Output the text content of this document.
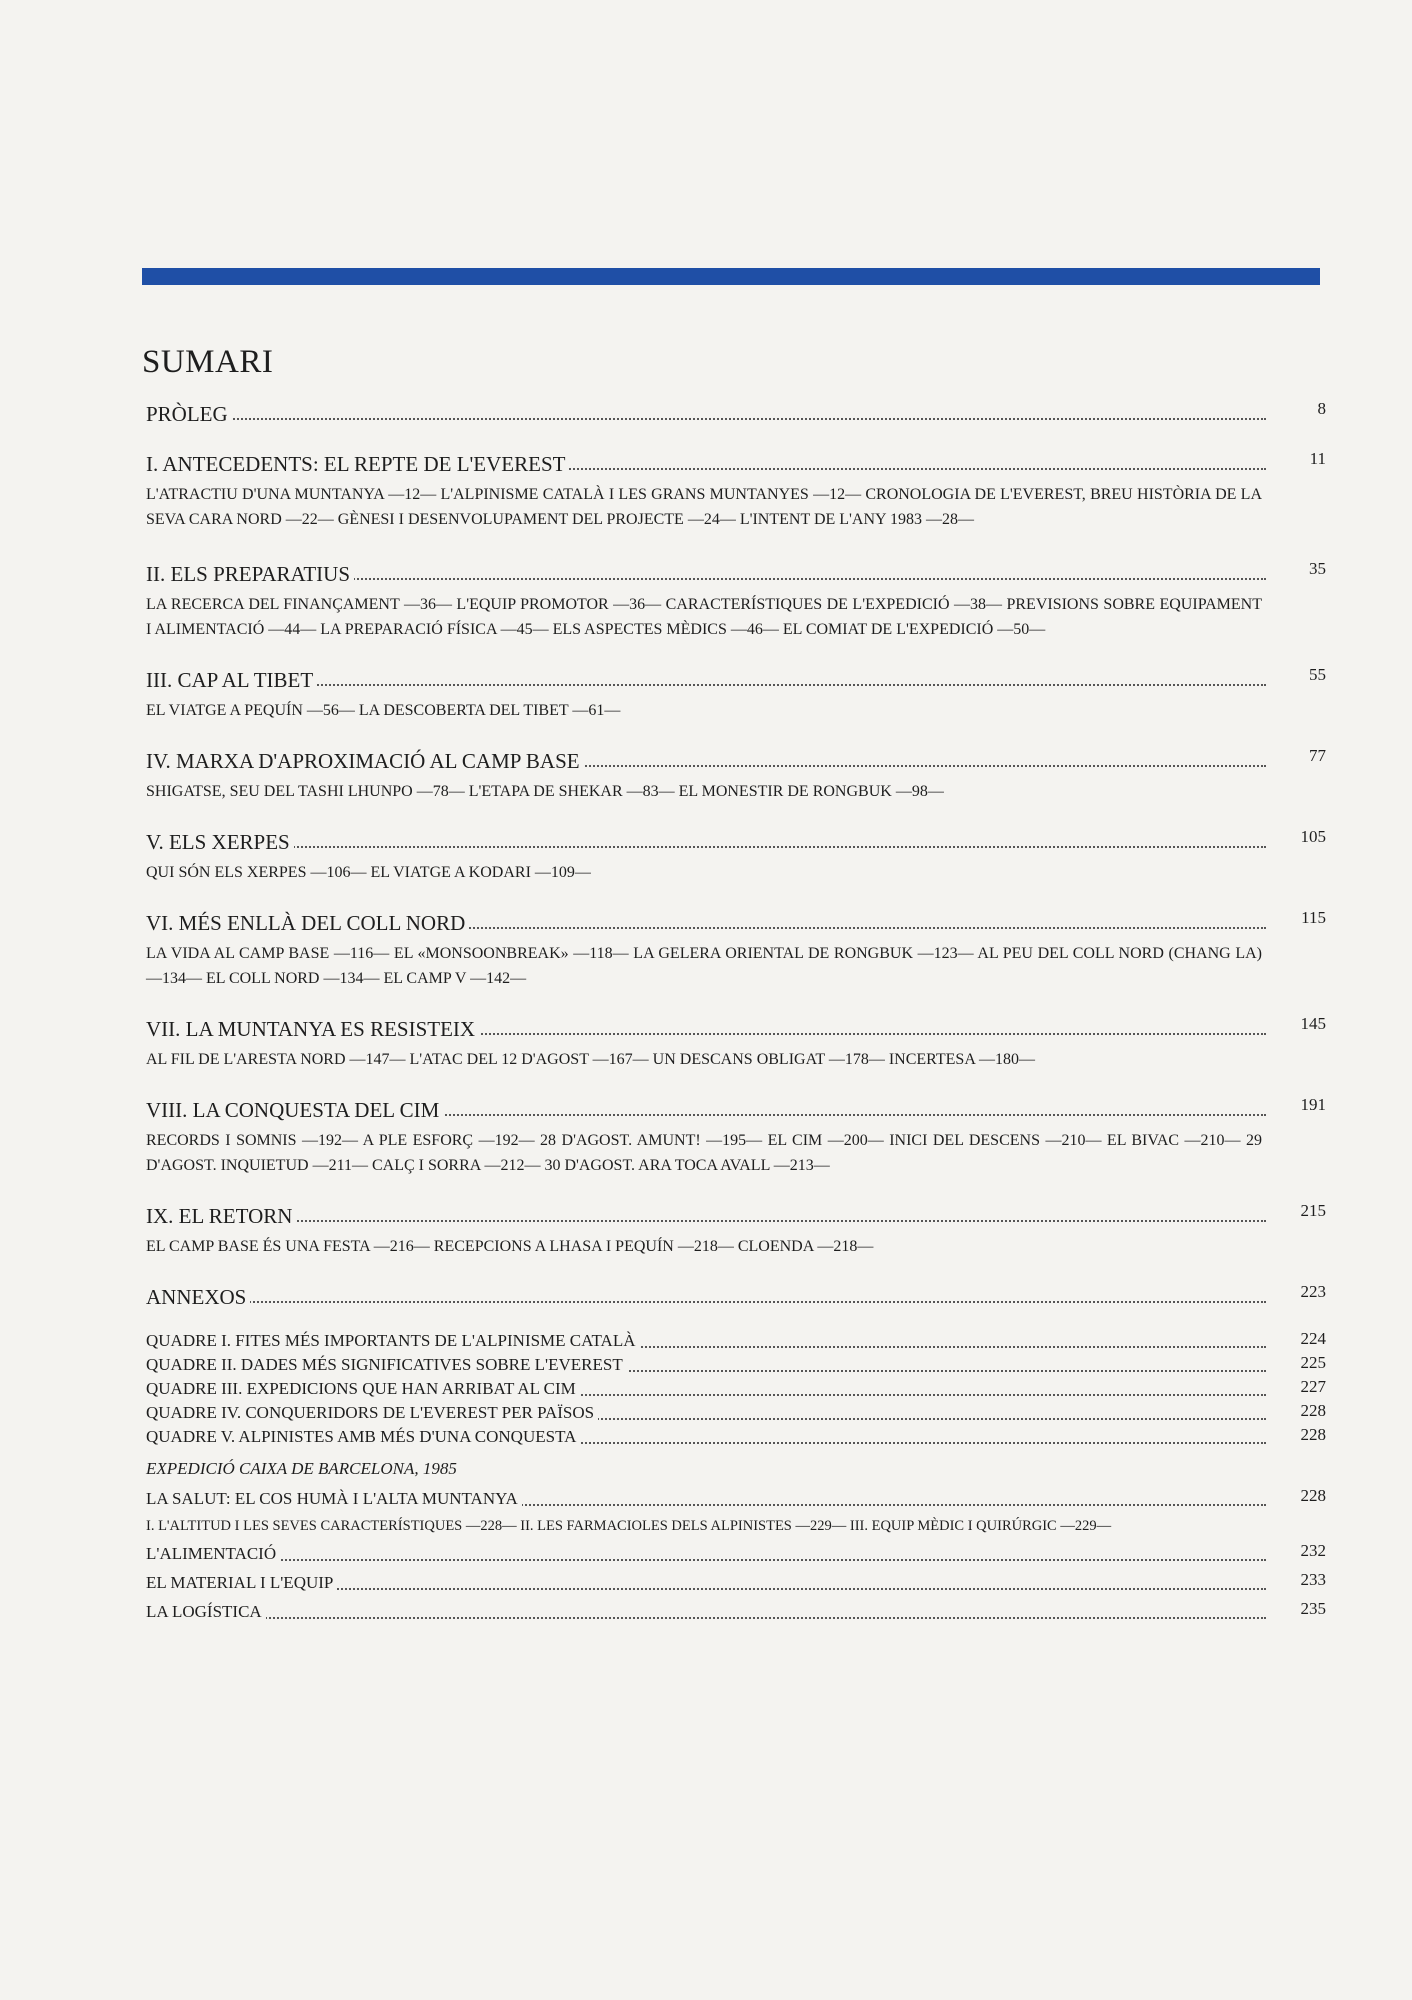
SUMARI
PRÒLEG	8
I. ANTECEDENTS: EL REPTE DE L'EVEREST	11

L'ATRACTIU D'UNA MUNTANYA —12— L'ALPINISME CATALÀ I LES GRANS MUNTANYES —12— CRONOLOGIA DE L'EVEREST, BREU HISTÒRIA DE LA SEVA CARA NORD —22— GÈNESI I DESENVOLUPAMENT DEL PROJECTE —24— L'INTENT DE L'ANY 1983 —28—

II. ELS PREPARATIUS	35

LA RECERCA DEL FINANÇAMENT —36— L'EQUIP PROMOTOR —36— CARACTERÍSTIQUES DE L'EXPEDICIÓ —38— PREVISIONS SOBRE EQUIPAMENT I ALIMENTACIÓ —44— LA PREPARACIÓ FÍSICA —45— ELS ASPECTES MÈDICS —46— EL COMIAT DE L'EXPEDICIÓ —50—

III. CAP AL TIBET	55

EL VIATGE A PEQUÍN —56— LA DESCOBERTA DEL TIBET —61—

IV. MARXA D'APROXIMACIÓ AL CAMP BASE	77

SHIGATSE, SEU DEL TASHI LHUNPO —78— L'ETAPA DE SHEKAR —83— EL MONESTIR DE RONGBUK —98—

V. ELS XERPES	105

QUI SÓN ELS XERPES —106— EL VIATGE A KODARI —109—

VI. MÉS ENLLÀ DEL COLL NORD	115

LA VIDA AL CAMP BASE —116— EL «MONSOONBREAK» —118— LA GELERA ORIENTAL DE RONGBUK —123— AL PEU DEL COLL NORD (CHANG LA) —134— EL COLL NORD —134— EL CAMP V —142—

VII. LA MUNTANYA ES RESISTEIX	145

AL FIL DE L'ARESTA NORD —147— L'ATAC DEL 12 D'AGOST —167— UN DESCANS OBLIGAT —178— INCERTESA —180—

VIII. LA CONQUESTA DEL CIM	191

RECORDS I SOMNIS —192— A PLE ESFORÇ —192— 28 D'AGOST. AMUNT! —195— EL CIM —200— INICI DEL DESCENS —210— EL BIVAC —210— 29 D'AGOST. INQUIETUD —211— CALÇ I SORRA —212— 30 D'AGOST. ARA TOCA AVALL —213—

IX. EL RETORN	215

EL CAMP BASE ÉS UNA FESTA —216— RECEPCIONS A LHASA I PEQUÍN —218— CLOENDA —218—

ANNEXOS	223
QUADRE I. FITES MÉS IMPORTANTS DE L'ALPINISME CATALÀ	224
QUADRE II. DADES MÉS SIGNIFICATIVES SOBRE L'EVEREST	225
QUADRE III. EXPEDICIONS QUE HAN ARRIBAT AL CIM	227
QUADRE IV. CONQUERIDORS DE L'EVEREST PER PAÏSOS	228
QUADRE V. ALPINISTES AMB MÉS D'UNA CONQUESTA	228

EXPEDICIÓ CAIXA DE BARCELONA, 1985

LA SALUT: EL COS HUMÀ I L'ALTA MUNTANYA	228

I. L'ALTITUD I LES SEVES CARACTERÍSTIQUES —228— II. LES FARMACIOLES DELS ALPINISTES —229— III. EQUIP MÈDIC I QUIRÚRGIC —229—

L'ALIMENTACIÓ	232
EL MATERIAL I L'EQUIP	233
LA LOGÍSTICA	235
